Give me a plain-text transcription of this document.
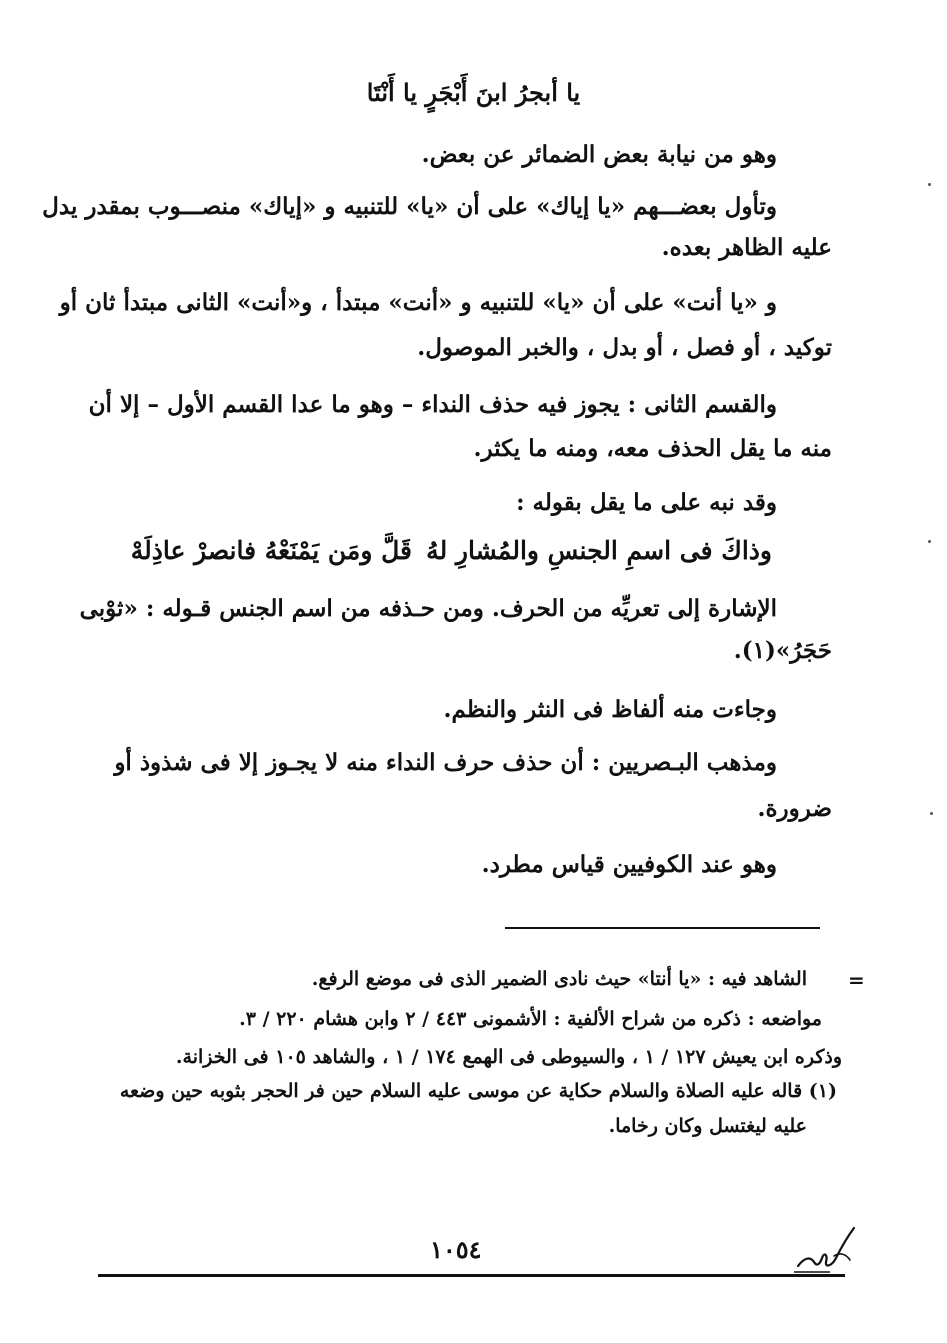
يا أبجرُ ابنَ أَبْجَرٍ يا أَنْتَا
وهو من نيابة بعض الضمائر عن بعض.
وتأول بعضـــهم «يا إياك» على أن «يا» للتنبيه و «إياك» منصـــوب بمقدر يدل
عليه الظاهر بعده.
و «يا أنت» على أن «يا» للتنبيه و «أنت» مبتدأ ، و«أنت» الثانى مبتدأ ثان أو
توكيد ، أو فصل ، أو بدل ، والخبر الموصول.
والقسم الثانى : يجوز فيه حذف النداء – وهو ما عدا القسم الأول – إلا أن
منه ما يقل الحذف معه، ومنه ما يكثر.
وقد نبه على ما يقل بقوله :
وذاكَ فى اسمِ الجنسِ والمُشارِ لهُ
قَلَّ ومَن يَمْنَعْهُ فانصرْ عاذِلَهْ
الإشارة إلى تعريِّه من الحرف. ومن حـذفه من اسم الجنس قـوله : «ثوْبى
حَجَرُ»(١).
وجاءت منه ألفاظ فى النثر والنظم.
ومذهب البـصريين : أن حذف حرف النداء منه لا يجـوز إلا فى شذوذ أو
ضرورة.
وهو عند الكوفيين قياس مطرد.
=
الشاهد فيه : «يا أنتا» حيث نادى الضمير الذى فى موضع الرفع.
مواضعه : ذكره من شراح الألفية : الأشمونى ٤٤٣ / ٢ وابن هشام ٢٢٠ / ٣.
وذكره ابن يعيش ١٢٧ / ١ ، والسيوطى فى الهمع ١٧٤ / ١ ، والشاهد ١٠٥ فى الخزانة.
(١) قاله عليه الصلاة والسلام حكاية عن موسى عليه السلام حين فر الحجر بثوبه حين وضعه
عليه ليغتسل وكان رخاما.
١٠٥٤
